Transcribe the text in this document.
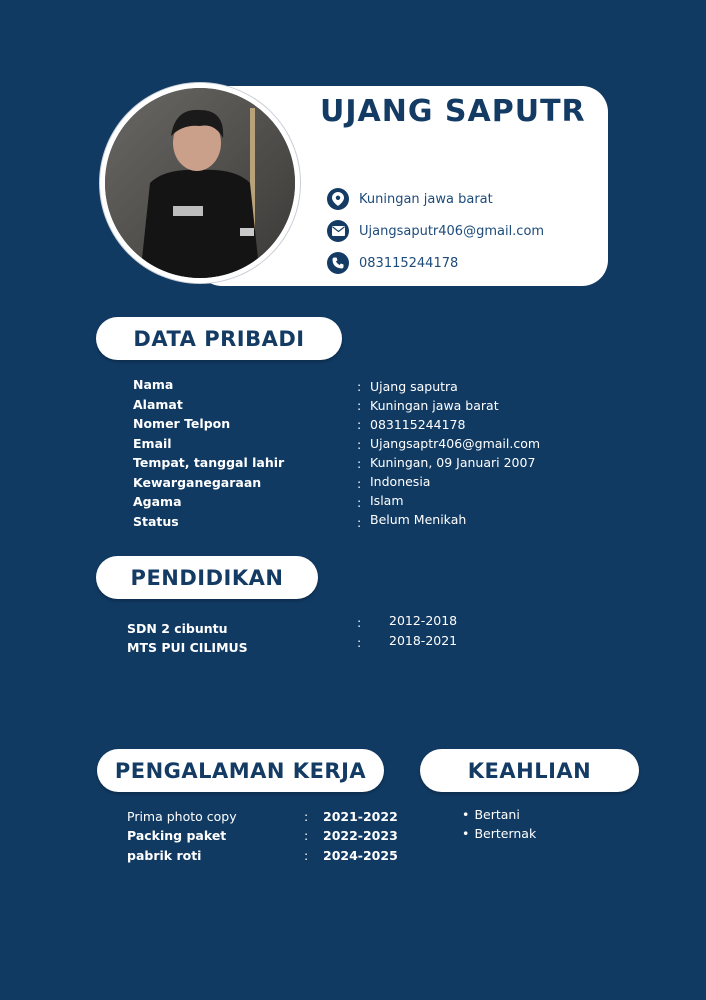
UJANG SAPUTR
Kuningan jawa barat
Ujangsaputr406@gmail.com
083115244178
DATA PRIBADI
Nama
Alamat
Nomer Telpon
Email
Tempat, tanggal lahir
Kewarganegaraan
Agama
Status
:
:
:
:
:
:
:
:
Ujang saputra
Kuningan jawa barat
083115244178
Ujangsaptr406@gmail.com
Kuningan, 09 Januari 2007
Indonesia
Islam
Belum Menikah
PENDIDIKAN
SDN 2 cibuntu
MTS PUI CILIMUS
:
:
2012-2018
2018-2021
PENGALAMAN KERJA
Prima photo copy
Packing paket
pabrik roti
:
:
:
2021-2022
2022-2023
2024-2025
KEAHLIAN
• Bertani
• Berternak
